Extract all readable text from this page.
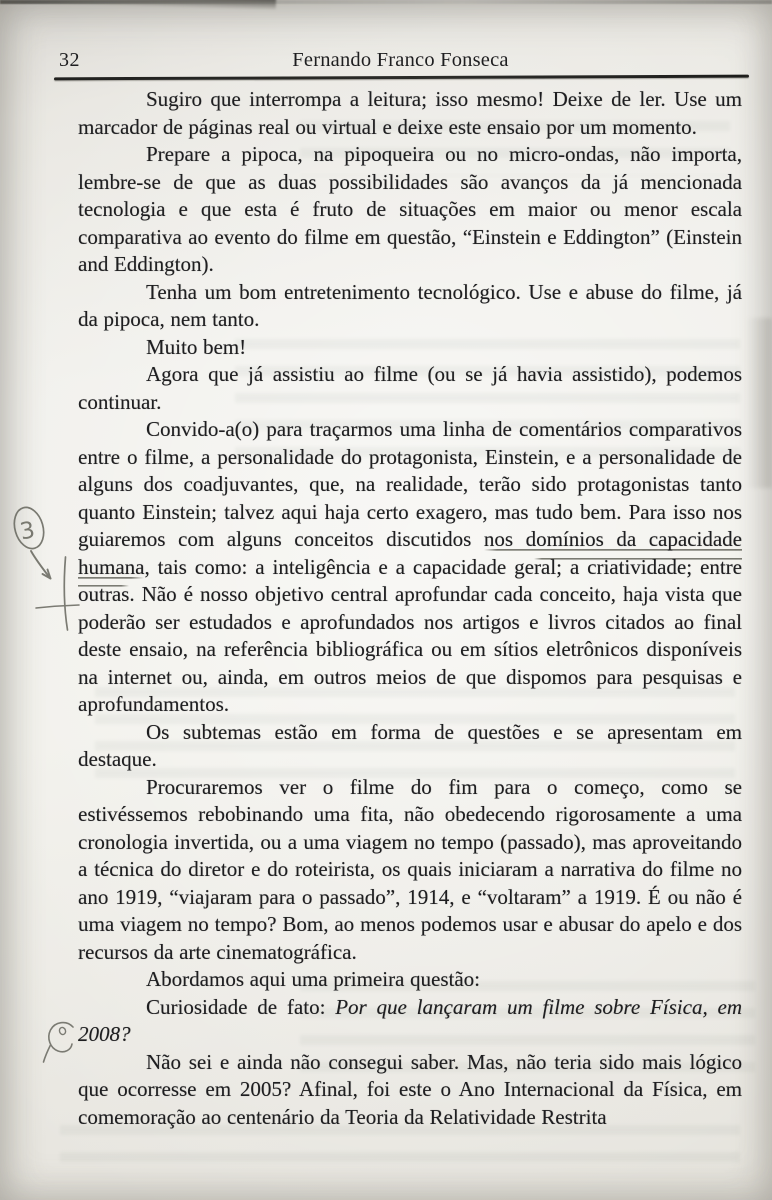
32	Fernando Franco Fonseca

Sugiro que interrompa a leitura; isso mesmo! Deixe de ler. Use um marcador de páginas real ou virtual e deixe este ensaio por um momento.

Prepare a pipoca, na pipoqueira ou no micro-ondas, não importa, lembre-se de que as duas possibilidades são avanços da já mencionada tecnologia e que esta é fruto de situações em maior ou menor escala comparativa ao evento do filme em questão, “Einstein e Eddington” (Einstein and Eddington).

Tenha um bom entretenimento tecnológico. Use e abuse do filme, já da pipoca, nem tanto.

Muito bem!

Agora que já assistiu ao filme (ou se já havia assistido), podemos continuar.

Convido-a(o) para traçarmos uma linha de comentários comparativos entre o filme, a personalidade do protagonista, Einstein, e a personalidade de alguns dos coadjuvantes, que, na realidade, terão sido protagonistas tanto quanto Einstein; talvez aqui haja certo exagero, mas tudo bem. Para isso nos guiaremos com alguns conceitos discutidos nos domínios da capacidade humana, tais como: a inteligência e a capacidade geral; a criatividade; entre outras. Não é nosso objetivo central aprofundar cada conceito, haja vista que poderão ser estudados e aprofundados nos artigos e livros citados ao final deste ensaio, na referência bibliográfica ou em sítios eletrônicos disponíveis na internet ou, ainda, em outros meios de que dispomos para pesquisas e aprofundamentos.

Os subtemas estão em forma de questões e se apresentam em destaque.

Procuraremos ver o filme do fim para o começo, como se estivéssemos rebobinando uma fita, não obedecendo rigorosamente a uma cronologia invertida, ou a uma viagem no tempo (passado), mas aproveitando a técnica do diretor e do roteirista, os quais iniciaram a narrativa do filme no ano 1919, “viajaram para o passado”, 1914, e “voltaram” a 1919. É ou não é uma viagem no tempo? Bom, ao menos podemos usar e abusar do apelo e dos recursos da arte cinematográfica.

Abordamos aqui uma primeira questão:

Curiosidade de fato: Por que lançaram um filme sobre Física, em 2008?

Não sei e ainda não consegui saber. Mas, não teria sido mais lógico que ocorresse em 2005? Afinal, foi este o Ano Internacional da Física, em comemoração ao centenário da Teoria da Relatividade Restrita

3
